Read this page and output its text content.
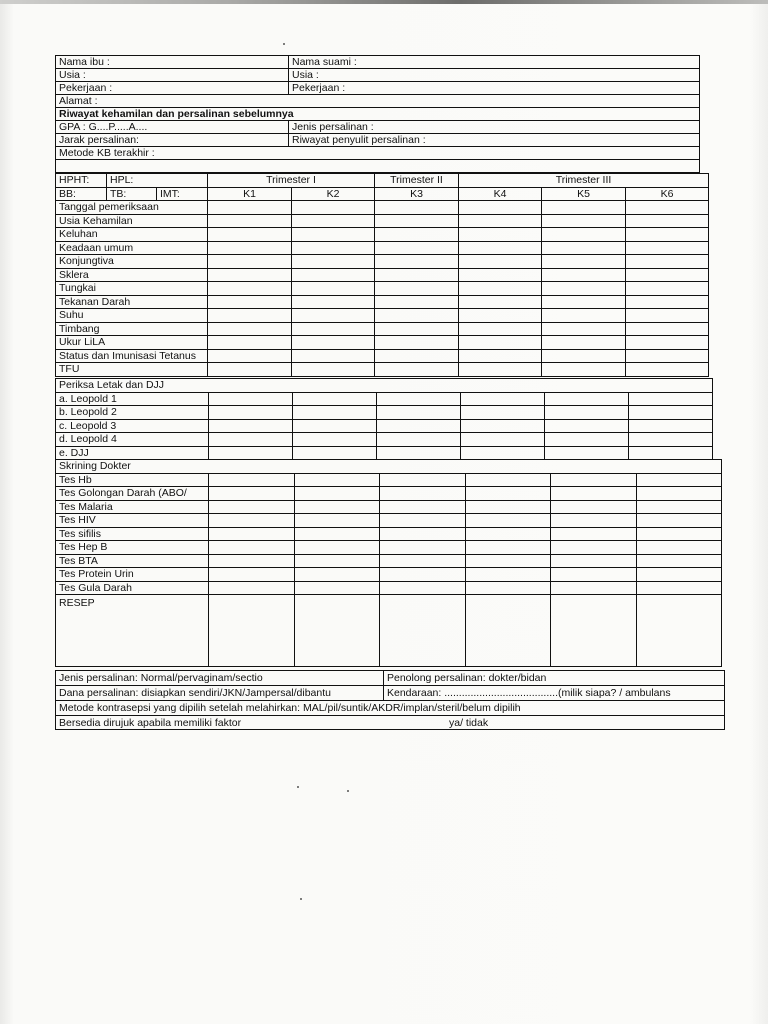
Nama ibu :	Nama suami :
Usia :	Usia :
Pekerjaan :	Pekerjaan :
Alamat :
Riwayat kehamilan dan persalinan sebelumnya
GPA : G....P.....A....	Jenis persalinan :
Jarak persalinan:	Riwayat penyulit persalinan :
Metode KB terakhir :
HPHT:	HPL:		Trimester I		Trimester II	Trimester III		
BB:	TB:	IMT:	K1	K2	K3	K4	K5	K6
Tanggal pemeriksaan								
Usia Kehamilan								
Keluhan								
Keadaan umum								
Konjungtiva								
Sklera								
Tungkai								
Tekanan Darah								
Suhu								
Timbang								
Ukur LiLA								
Status dan Imunisasi Tetanus								
TFU								
Periksa Letak dan DJJ						
a. Leopold 1						
b. Leopold 2						
c. Leopold 3						
d. Leopold 4						
e. DJJ						
Skrining Dokter						
Tes Hb						
Tes Golongan Darah (ABO/						
Tes Malaria						
Tes HIV						
Tes sifilis						
Tes Hep B						
Tes BTA						
Tes Protein Urin						
Tes Gula Darah						
RESEP						
Jenis persalinan: Normal/pervaginam/sectio	Penolong persalinan: dokter/bidan
Dana persalinan: disiapkan sendiri/JKN/Jampersal/dibantu	Kendaraan: .......................................(milik siapa? / ambulans
Metode kontrasepsi yang dipilih setelah melahirkan: MAL/pil/suntik/AKDR/implan/steril/belum dipilih
Bersedia dirujuk apabila memiliki faktor	ya/ tidak
